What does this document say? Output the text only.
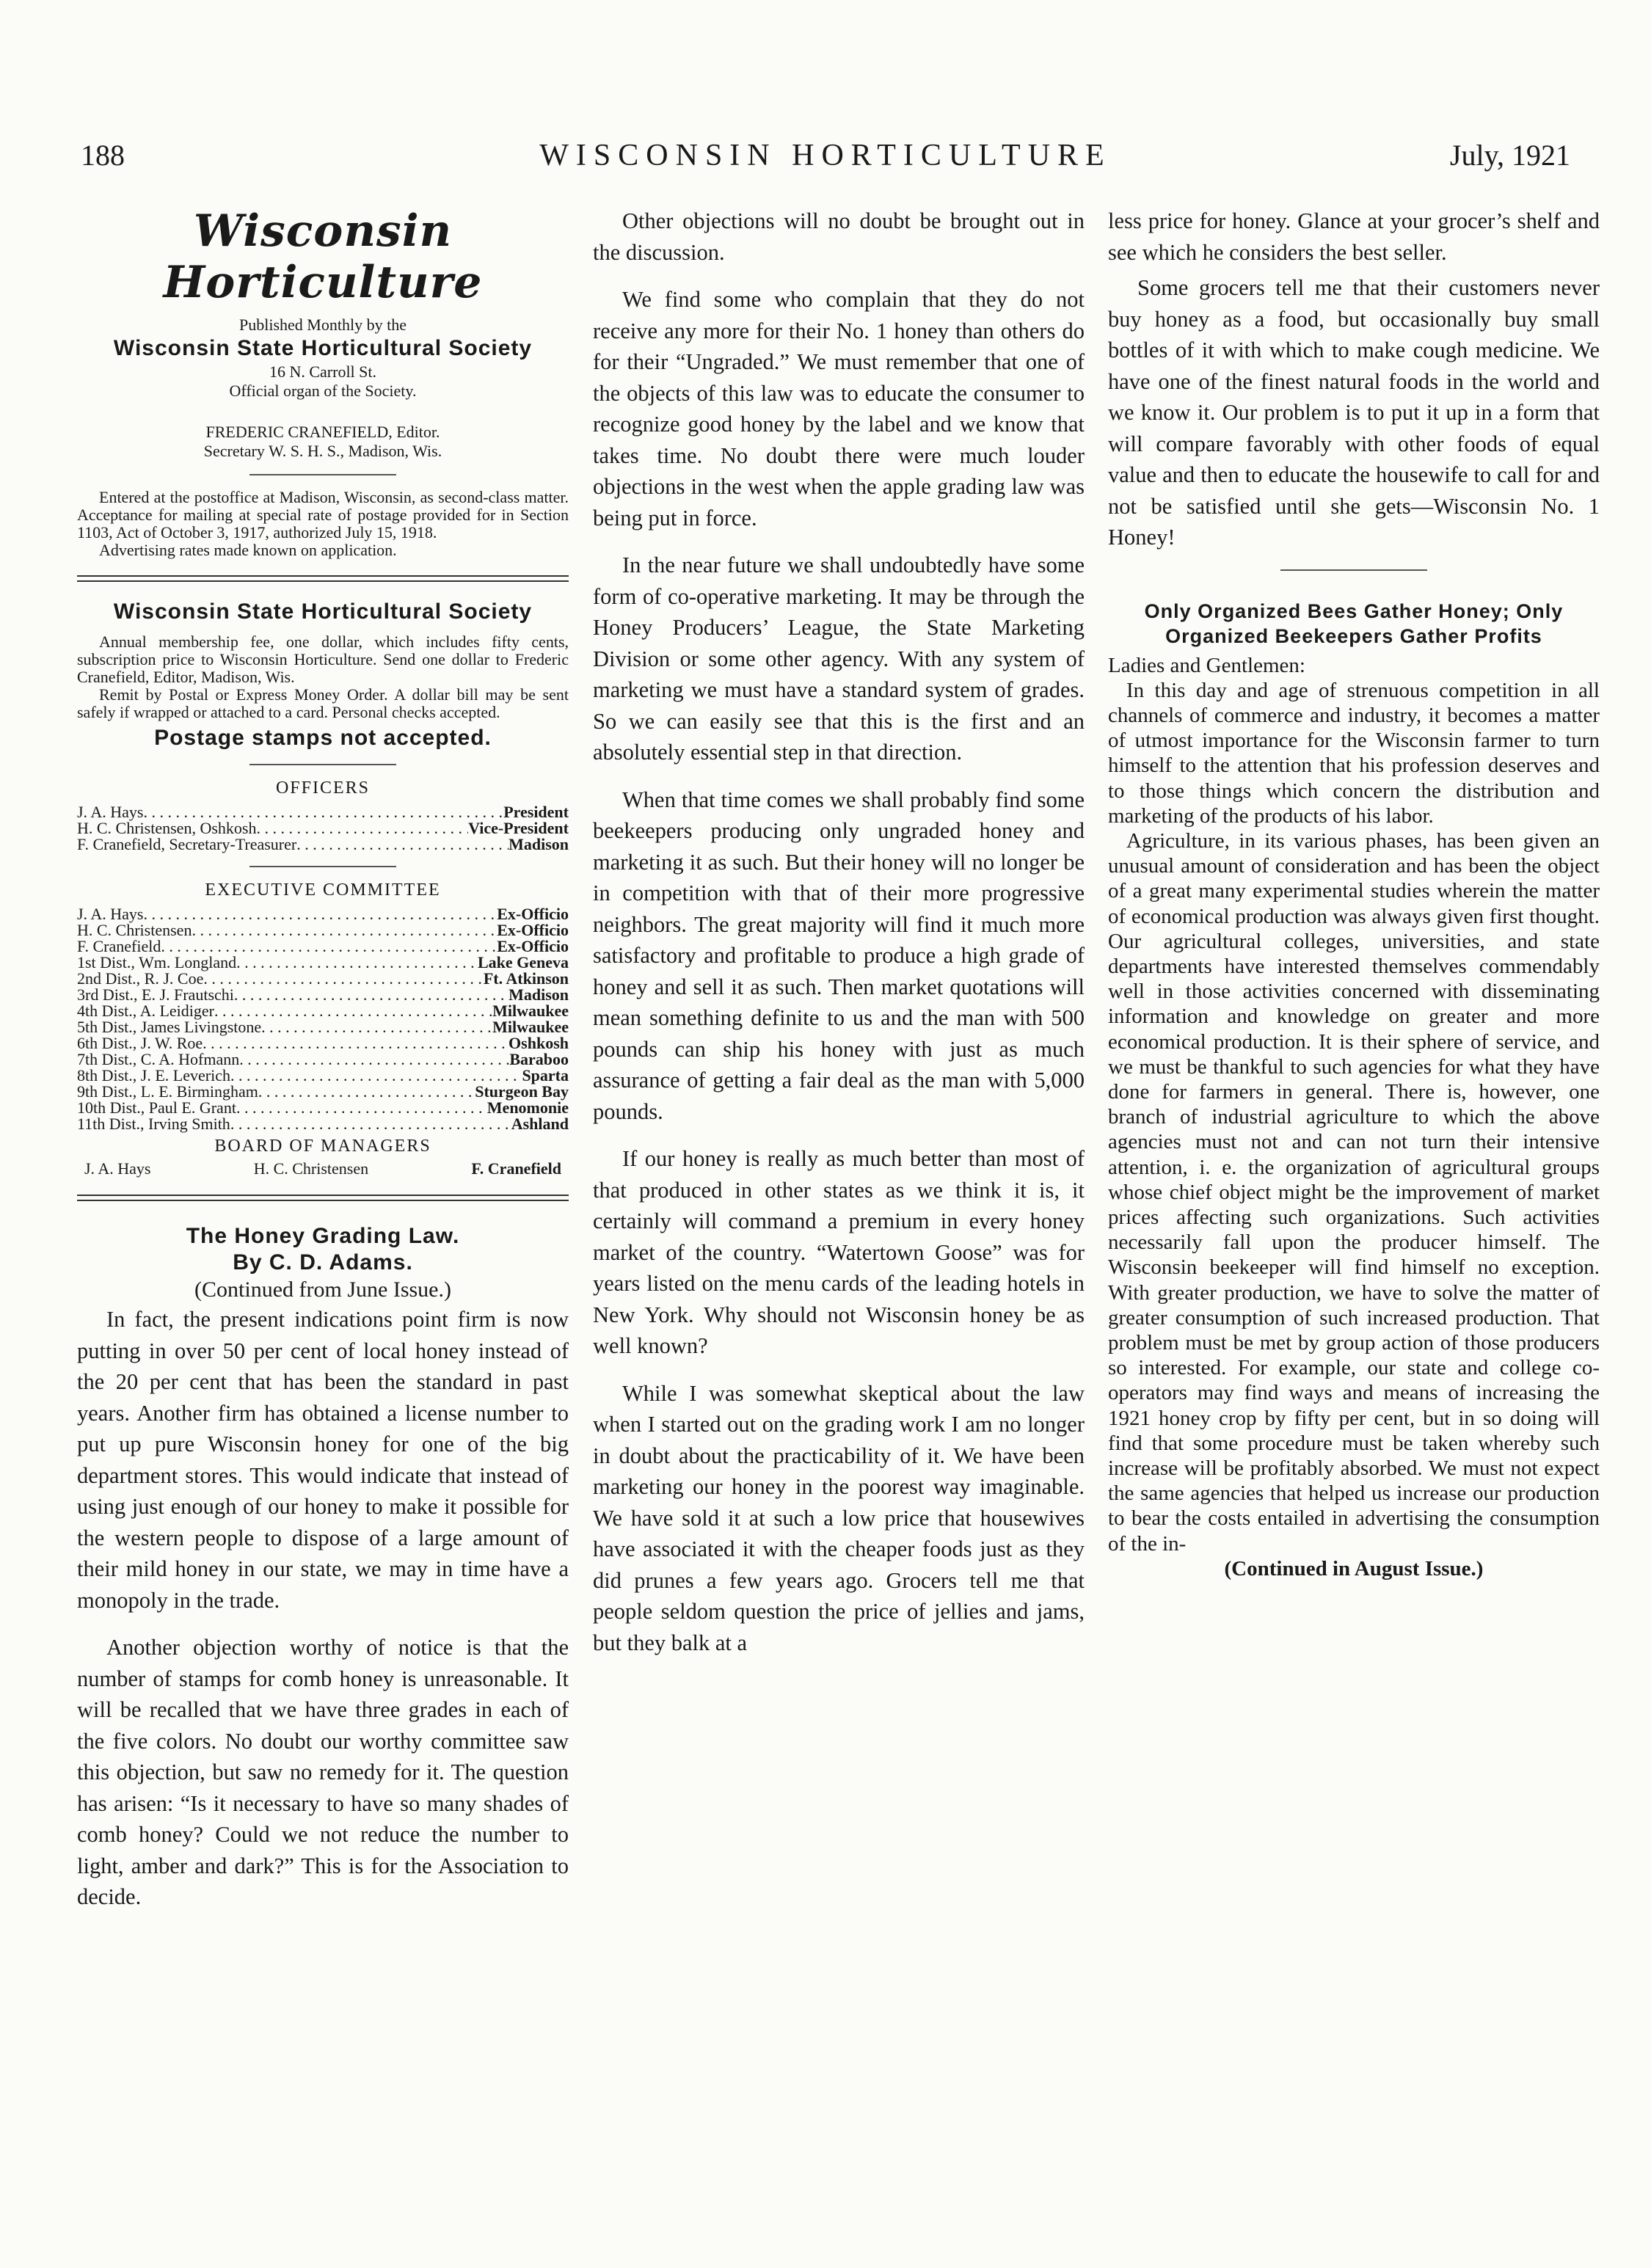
188	WISCONSIN HORTICULTURE	July, 1921
Wisconsin Horticulture
Published Monthly by the
Wisconsin State Horticultural Society
16 N. Carroll St.
Official organ of the Society.
FREDERIC CRANEFIELD, Editor.
Secretary W. S. H. S., Madison, Wis.
Entered at the postoffice at Madison, Wisconsin, as second-class matter. Acceptance for mailing at special rate of postage provided for in Section 1103, Act of October 3, 1917, authorized July 15, 1918.
Advertising rates made known on application.
Wisconsin State Horticultural Society
Annual membership fee, one dollar, which includes fifty cents, subscription price to Wisconsin Horticulture. Send one dollar to Frederic Cranefield, Editor, Madison, Wis.
Remit by Postal or Express Money Order. A dollar bill may be sent safely if wrapped or attached to a card. Personal checks accepted.
Postage stamps not accepted.
OFFICERS
J. A. Hays . . .	President
H. C. Christensen, Oshkosh . . .	Vice-President
F. Cranefield, Secretary-Treasurer . . .	Madison
EXECUTIVE COMMITTEE
J. A. Hays . . .	Ex-Officio
H. C. Christensen . . .	Ex-Officio
F. Cranefield . . .	Ex-Officio
1st Dist., Wm. Longland . . .	Lake Geneva
2nd Dist., R. J. Coe . . .	Ft. Atkinson
3rd Dist., E. J. Frautschi . . .	Madison
4th Dist., A. Leidiger . . .	Milwaukee
5th Dist., James Livingstone . . .	Milwaukee
6th Dist., J. W. Roe . . .	Oshkosh
7th Dist., C. A. Hofmann . . .	Baraboo
8th Dist., J. E. Leverich . . .	Sparta
9th Dist., L. E. Birmingham . . .	Sturgeon Bay
10th Dist., Paul E. Grant . . .	Menomonie
11th Dist., Irving Smith . . .	Ashland
BOARD OF MANAGERS
J. A. Hays	H. C. Christensen	F. Cranefield
The Honey Grading Law.
By C. D. Adams.
(Continued from June Issue.)

In fact, the present indications point firm is now putting in over 50 per cent of local honey instead of the 20 per cent that has been the standard in past years. Another firm has obtained a license number to put up pure Wisconsin honey for one of the big department stores. This would indicate that instead of using just enough of our honey to make it possible for the western people to dispose of a large amount of their mild honey in our state, we may in time have a monopoly in the trade.

Another objection worthy of notice is that the number of stamps for comb honey is unreasonable. It will be recalled that we have three grades in each of the five colors. No doubt our worthy committee saw this objection, but saw no remedy for it. The question has arisen: “Is it necessary to have so many shades of comb honey? Could we not reduce the number to light, amber and dark?” This is for the Association to decide.

Other objections will no doubt be brought out in the discussion.

We find some who complain that they do not receive any more for their No. 1 honey than others do for their “Ungraded.” We must remember that one of the objects of this law was to educate the consumer to recognize good honey by the label and we know that takes time. No doubt there were much louder objections in the west when the apple grading law was being put in force.

In the near future we shall undoubtedly have some form of co-operative marketing. It may be through the Honey Producers’ League, the State Marketing Division or some other agency. With any system of marketing we must have a standard system of grades. So we can easily see that this is the first and an absolutely essential step in that direction.

When that time comes we shall probably find some beekeepers producing only ungraded honey and marketing it as such. But their honey will no longer be in competition with that of their more progressive neighbors. The great majority will find it much more satisfactory and profitable to produce a high grade of honey and sell it as such. Then market quotations will mean something definite to us and the man with 500 pounds can ship his honey with just as much assurance of getting a fair deal as the man with 5,000 pounds.

If our honey is really as much better than most of that produced in other states as we think it is, it certainly will command a premium in every honey market of the country. “Watertown Goose” was for years listed on the menu cards of the leading hotels in New York. Why should not Wisconsin honey be as well known?

While I was somewhat skeptical about the law when I started out on the grading work I am no longer in doubt about the practicability of it. We have been marketing our honey in the poorest way imaginable. We have sold it at such a low price that housewives have associated it with the cheaper foods just as they did prunes a few years ago. Grocers tell me that people seldom question the price of jellies and jams, but they balk at a

less price for honey. Glance at your grocer’s shelf and see which he considers the best seller.

Some grocers tell me that their customers never buy honey as a food, but occasionally buy small bottles of it with which to make cough medicine. We have one of the finest natural foods in the world and we know it. Our problem is to put it up in a form that will compare favorably with other foods of equal value and then to educate the housewife to call for and not be satisfied until she gets—Wisconsin No. 1 Honey!

Only Organized Bees Gather Honey; Only Organized Beekeepers Gather Profits

Ladies and Gentlemen:

In this day and age of strenuous competition in all channels of commerce and industry, it becomes a matter of utmost importance for the Wisconsin farmer to turn himself to the attention that his profession deserves and to those things which concern the distribution and marketing of the products of his labor.

Agriculture, in its various phases, has been given an unusual amount of consideration and has been the object of a great many experimental studies wherein the matter of economical production was always given first thought. Our agricultural colleges, universities, and state departments have interested themselves commendably well in those activities concerned with disseminating information and knowledge on greater and more economical production. It is their sphere of service, and we must be thankful to such agencies for what they have done for farmers in general. There is, however, one branch of industrial agriculture to which the above agencies must not and can not turn their intensive attention, i. e. the organization of agricultural groups whose chief object might be the improvement of market prices affecting such organizations. Such activities necessarily fall upon the producer himself. The Wisconsin beekeeper will find himself no exception. With greater production, we have to solve the matter of greater consumption of such increased production. That problem must be met by group action of those producers so interested. For example, our state and college co-operators may find ways and means of increasing the 1921 honey crop by fifty per cent, but in so doing will find that some procedure must be taken whereby such increase will be profitably absorbed. We must not expect the same agencies that helped us increase our production to bear the costs entailed in advertising the consumption of the in-

(Continued in August Issue.)
